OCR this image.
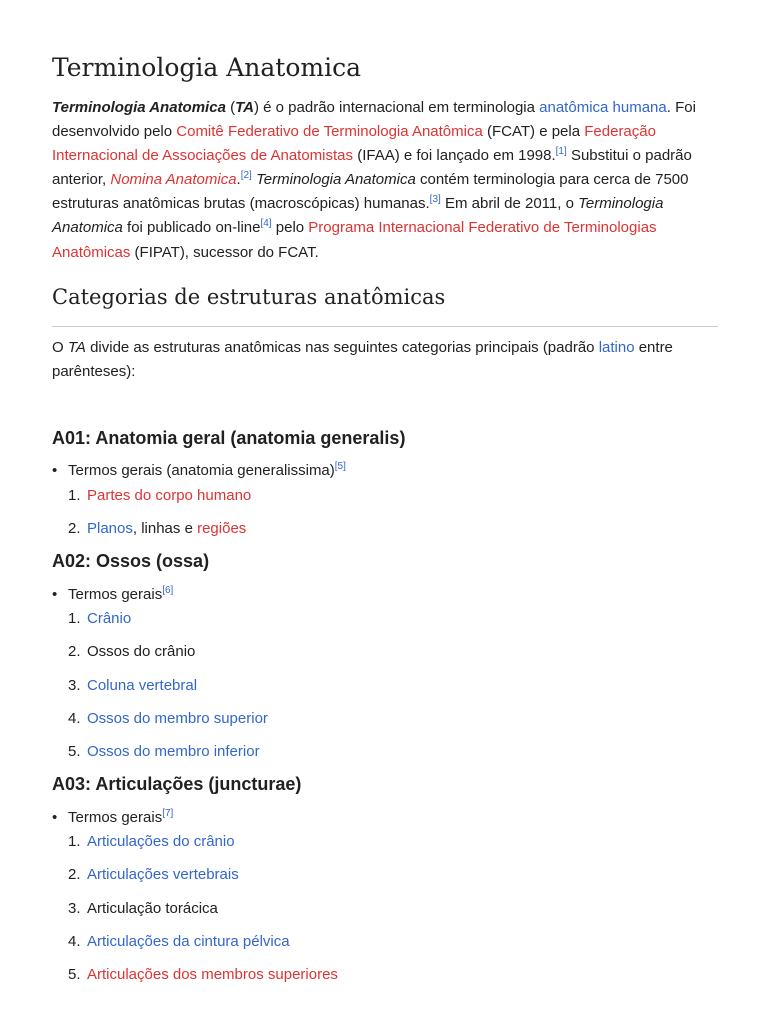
Terminologia Anatomica

Terminologia Anatomica (TA) é o padrão internacional em terminologia anatômica humana. Foi desenvolvido pelo Comitê Federativo de Terminologia Anatômica (FCAT) e pela Federação Internacional de Associações de Anatomistas (IFAA) e foi lançado em 1998.[1] Substitui o padrão anterior, Nomina Anatomica.[2] Terminologia Anatomica contém terminologia para cerca de 7500 estruturas anatômicas brutas (macroscópicas) humanas.[3] Em abril de 2011, o Terminologia Anatomica foi publicado on-line[4] pelo Programa Internacional Federativo de Terminologias Anatômicas (FIPAT), sucessor do FCAT.

Categorias de estruturas anatômicas

O TA divide as estruturas anatômicas nas seguintes categorias principais (padrão latino entre parênteses):

A01: Anatomia geral (anatomia generalis)
• Termos gerais (anatomia generalissima)[5]
1. Partes do corpo humano
2. Planos, linhas e regiões
A02: Ossos (ossa)
• Termos gerais[6]
1. Crânio
2. Ossos do crânio
3. Coluna vertebral
4. Ossos do membro superior
5. Ossos do membro inferior
A03: Articulações (juncturae)
• Termos gerais[7]
1. Articulações do crânio
2. Articulações vertebrais
3. Articulação torácica
4. Articulações da cintura pélvica
5. Articulações dos membros superiores
